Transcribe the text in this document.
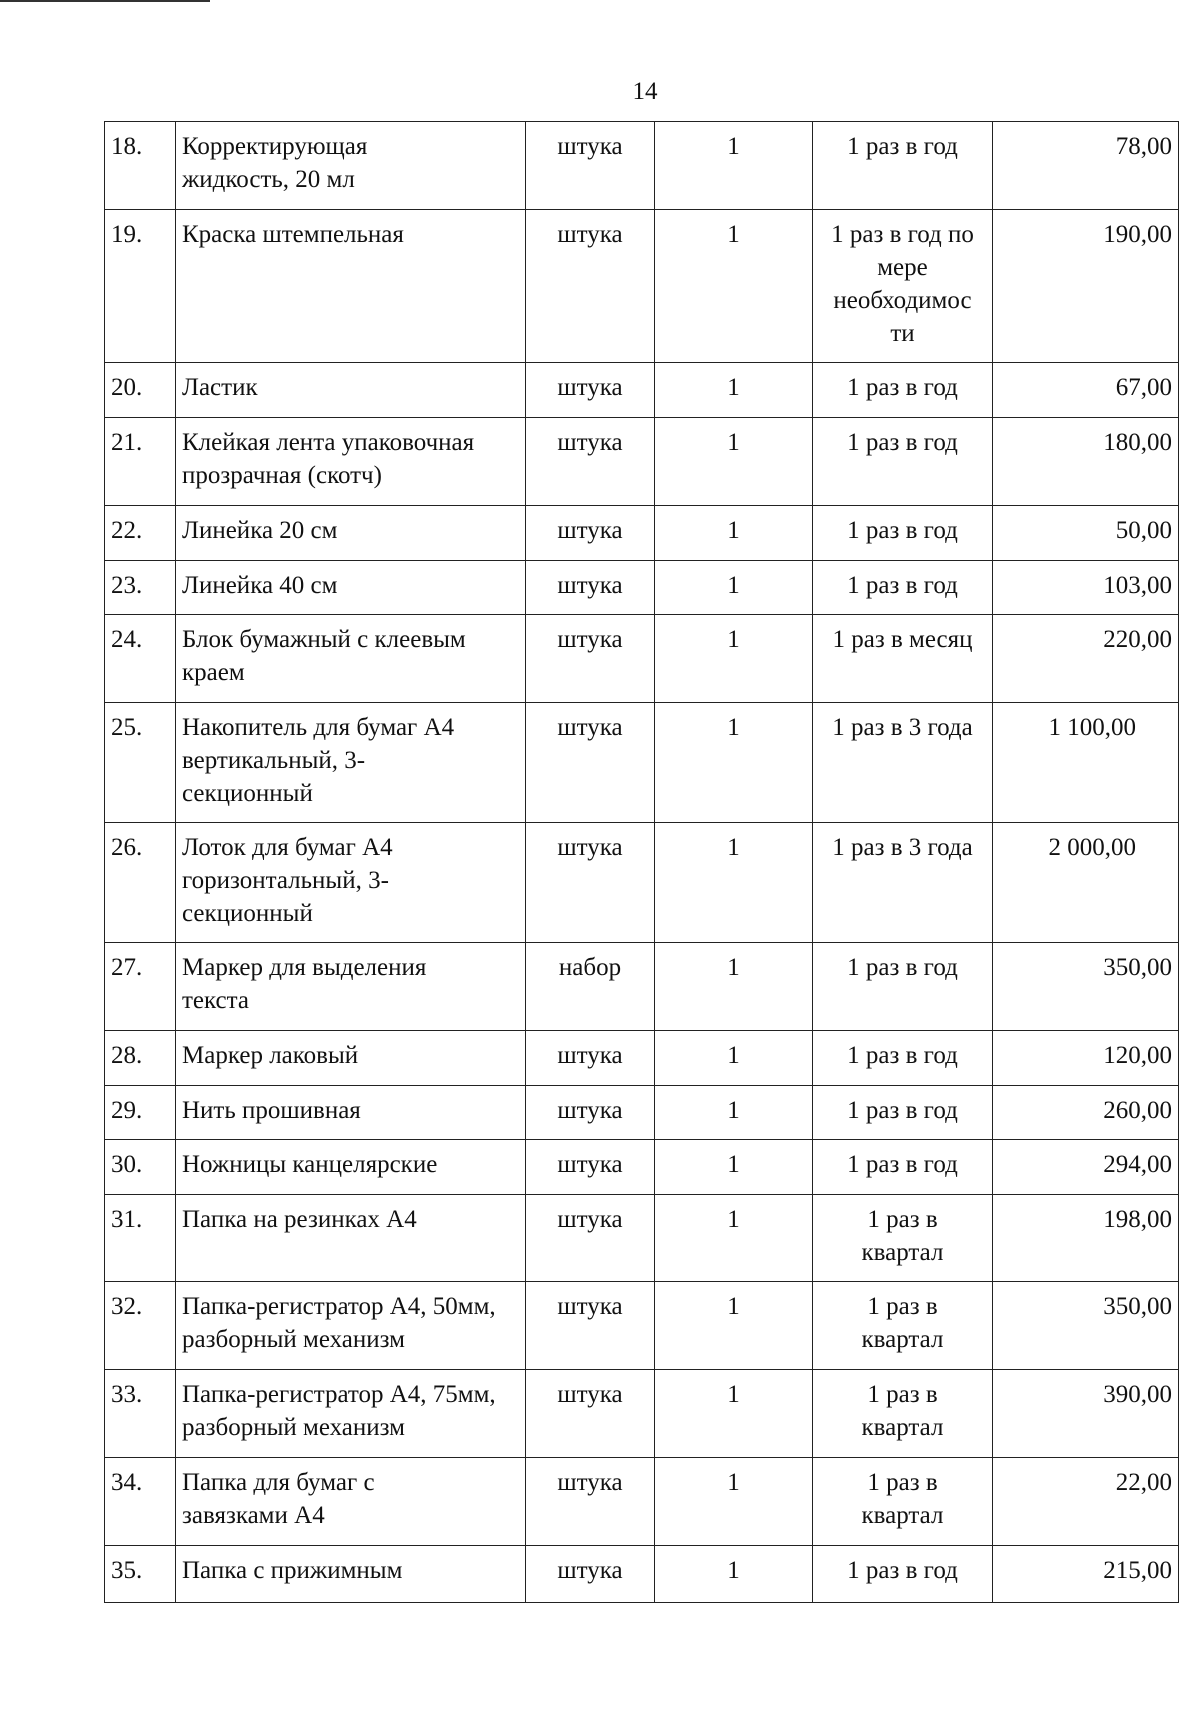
14
18.	Корректирующая жидкость, 20 мл	штука	1	1 раз в год	78,00
19.	Краска штемпельная	штука	1	1 раз в год по мере необходимос ти	190,00
20.	Ластик	штука	1	1 раз в год	67,00
21.	Клейкая лента упаковочная прозрачная (скотч)	штука	1	1 раз в год	180,00
22.	Линейка 20 см	штука	1	1 раз в год	50,00
23.	Линейка 40 см	штука	1	1 раз в год	103,00
24.	Блок бумажный с клеевым краем	штука	1	1 раз в месяц	220,00
25.	Накопитель для бумаг А4 вертикальный, 3-секционный	штука	1	1 раз в 3 года	1 100,00
26.	Лоток для бумаг А4 горизонтальный, 3-секционный	штука	1	1 раз в 3 года	2 000,00
27.	Маркер для выделения текста	набор	1	1 раз в год	350,00
28.	Маркер лаковый	штука	1	1 раз в год	120,00
29.	Нить прошивная	штука	1	1 раз в год	260,00
30.	Ножницы канцелярские	штука	1	1 раз в год	294,00
31.	Папка на резинках А4	штука	1	1 раз в квартал	198,00
32.	Папка-регистратор А4, 50мм, разборный механизм	штука	1	1 раз в квартал	350,00
33.	Папка-регистратор А4, 75мм, разборный механизм	штука	1	1 раз в квартал	390,00
34.	Папка для бумаг с завязками А4	штука	1	1 раз в квартал	22,00
35.	Папка с прижимным	штука	1	1 раз в год	215,00
